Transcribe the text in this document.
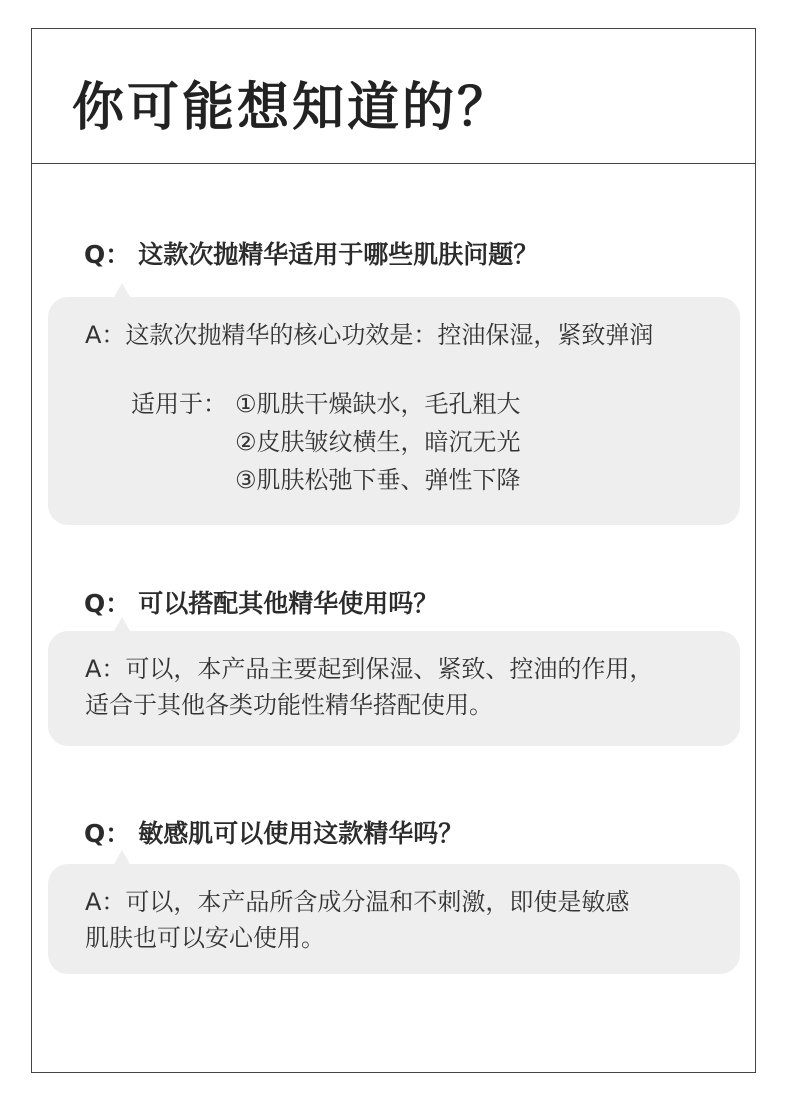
你可能想知道的？
Q： 这款次抛精华适用于哪些肌肤问题？
A：这款次抛精华的核心功效是：控油保湿，紧致弹润
适用于： ①肌肤干燥缺水，毛孔粗大
②皮肤皱纹横生，暗沉无光
③肌肤松弛下垂、弹性下降
Q： 可以搭配其他精华使用吗？
A：可以，本产品主要起到保湿、紧致、控油的作用，
适合于其他各类功能性精华搭配使用。
Q： 敏感肌可以使用这款精华吗？
A：可以，本产品所含成分温和不刺激，即使是敏感
肌肤也可以安心使用。
